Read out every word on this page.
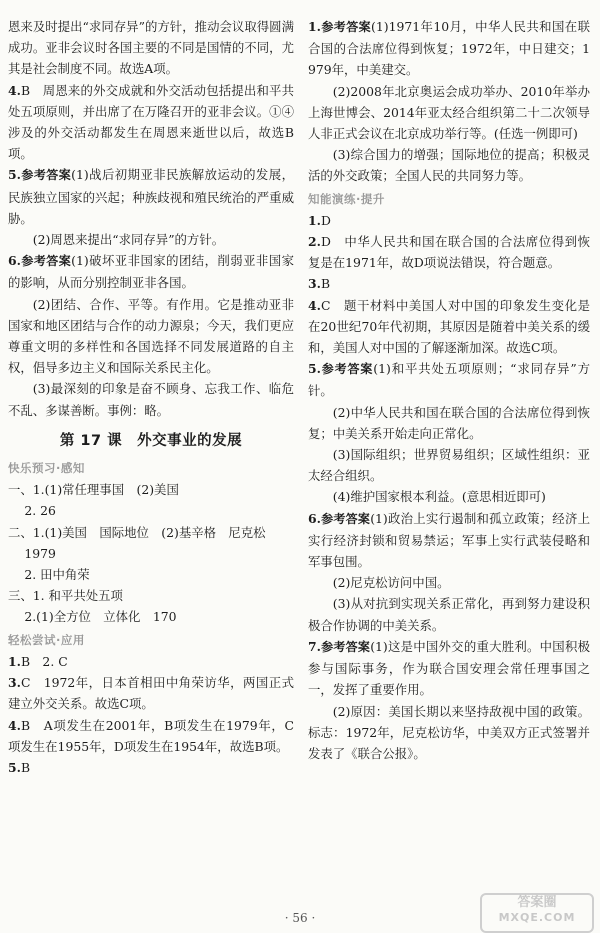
恩来及时提出“求同存异”的方针，推动会议取得圆满成功。亚非会议时各国主要的不同是国情的不同，尤其是社会制度不同。故选A项。

4.B　周恩来的外交成就和外交活动包括提出和平共处五项原则，并出席了在万隆召开的亚非会议。①④涉及的外交活动都发生在周恩来逝世以后，故选B项。

5.参考答案(1)战后初期亚非民族解放运动的发展，民族独立国家的兴起；种族歧视和殖民统治的严重威胁。

(2)周恩来提出“求同存异”的方针。

6.参考答案(1)破坏亚非国家的团结，削弱亚非国家的影响，从而分别控制亚非各国。

(2)团结、合作、平等。有作用。它是推动亚非国家和地区团结与合作的动力源泉；今天，我们更应尊重文明的多样性和各国选择不同发展道路的自主权，倡导多边主义和国际关系民主化。

(3)最深刻的印象是奋不顾身、忘我工作、临危不乱、多谋善断。事例：略。

第 17 课　外交事业的发展
快乐预习·感知

一、1.(1)常任理事国　(2)美国

　 2. 26

二、1.(1)美国　国际地位　(2)基辛格　尼克松

　 1979

　 2. 田中角荣

三、1. 和平共处五项

　 2.(1)全方位　立体化　170

轻松尝试·应用

1.B　2. C

3.C　1972年，日本首相田中角荣访华，两国正式建立外交关系。故选C项。

4.B　A项发生在2001年，B项发生在1979年，C项发生在1955年，D项发生在1954年，故选B项。

5.B

1.参考答案(1)1971年10月，中华人民共和国在联合国的合法席位得到恢复；1972年，中日建交；1979年，中美建交。

(2)2008年北京奥运会成功举办、2010年举办上海世博会、2014年亚太经合组织第二十二次领导人非正式会议在北京成功举行等。(任选一例即可)

(3)综合国力的增强；国际地位的提高；积极灵活的外交政策；全国人民的共同努力等。

知能演练·提升

1.D

2.D　中华人民共和国在联合国的合法席位得到恢复是在1971年，故D项说法错误，符合题意。

3.B

4.C　题干材料中美国人对中国的印象发生变化是在20世纪70年代初期，其原因是随着中美关系的缓和，美国人对中国的了解逐渐加深。故选C项。

5.参考答案(1)和平共处五项原则；“求同存异”方针。

(2)中华人民共和国在联合国的合法席位得到恢复；中美关系开始走向正常化。

(3)国际组织；世界贸易组织；区域性组织：亚太经合组织。

(4)维护国家根本利益。(意思相近即可)

6.参考答案(1)政治上实行遏制和孤立政策；经济上实行经济封锁和贸易禁运；军事上实行武装侵略和军事包围。

(2)尼克松访问中国。

(3)从对抗到实现关系正常化，再到努力建设积极合作协调的中美关系。

7.参考答案(1)这是中国外交的重大胜利。中国积极参与国际事务，作为联合国安理会常任理事国之一，发挥了重要作用。

(2)原因：美国长期以来坚持敌视中国的政策。标志：1972年，尼克松访华，中美双方正式签署并发表了《联合公报》。

· 56 ·
答案圈
MXQE.COM
